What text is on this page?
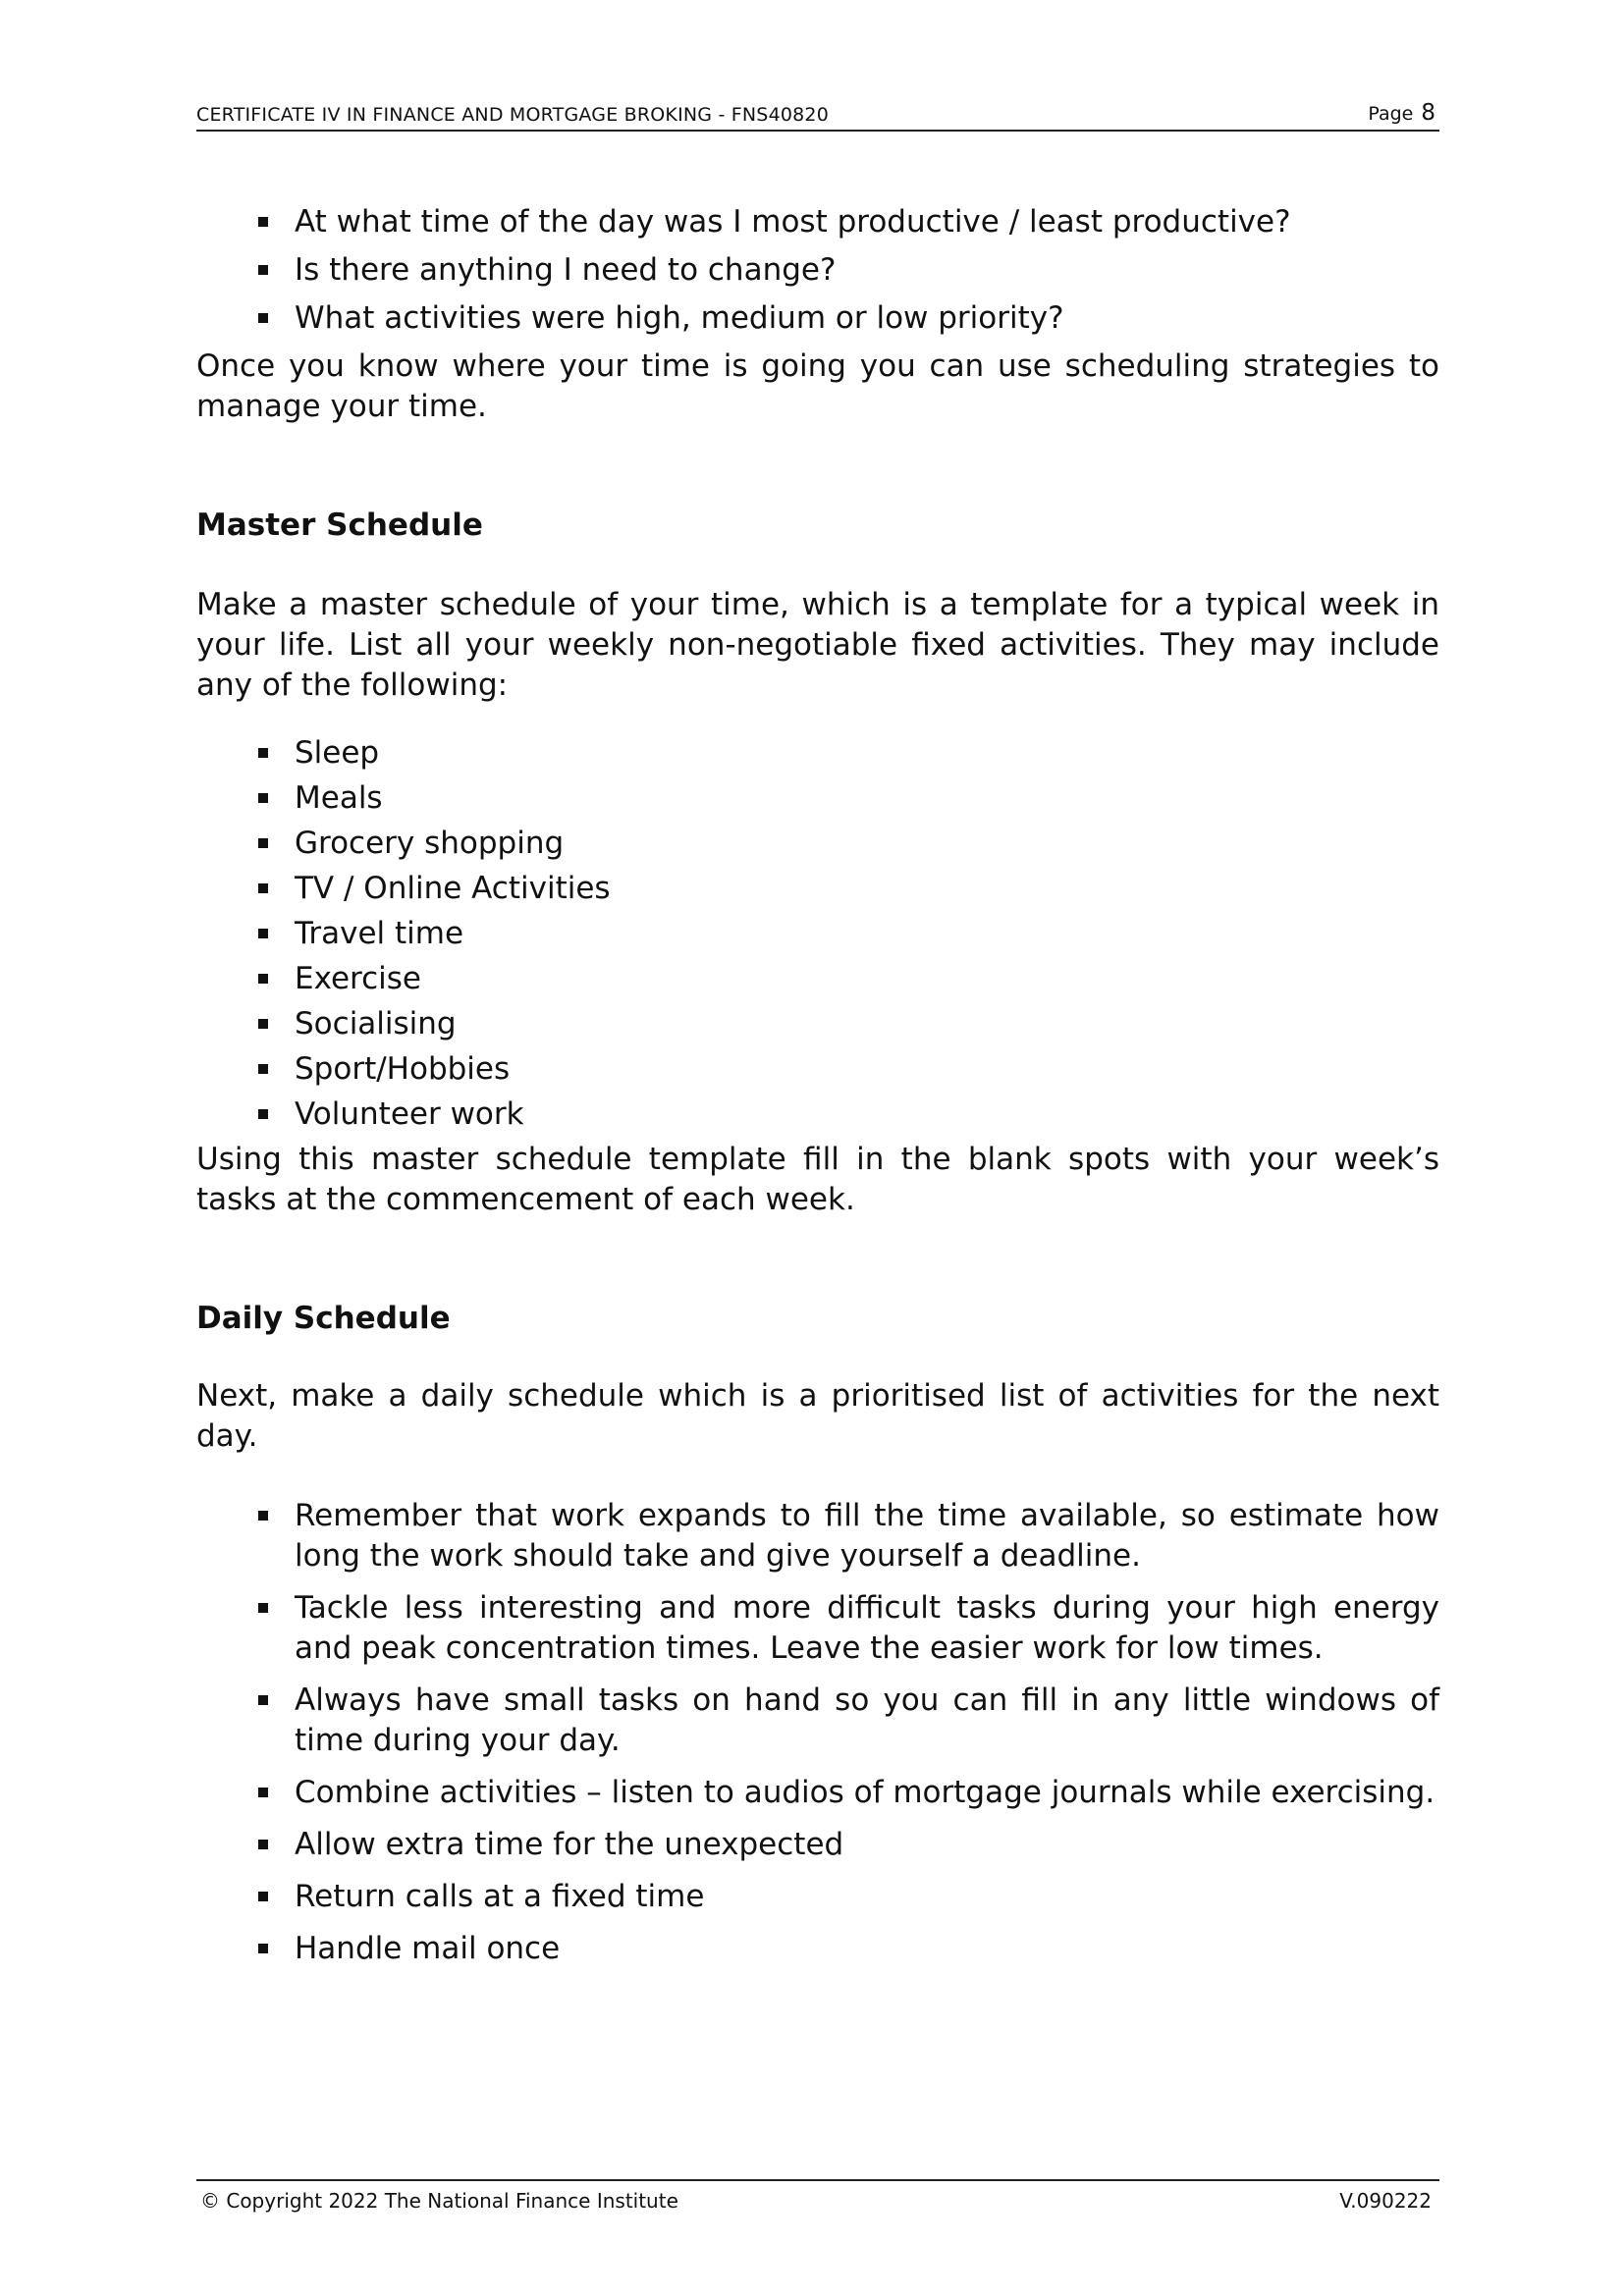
CERTIFICATE IV IN FINANCE AND MORTGAGE BROKING - FNS40820	Page 8
At what time of the day was I most productive / least productive?
Is there anything I need to change?
What activities were high, medium or low priority?

Once you know where your time is going you can use scheduling strategies to manage your time.

Master Schedule

Make a master schedule of your time, which is a template for a typical week in your life. List all your weekly non-negotiable fixed activities. They may include any of the following:

Sleep
Meals
Grocery shopping
TV / Online Activities
Travel time
Exercise
Socialising
Sport/Hobbies
Volunteer work

Using this master schedule template fill in the blank spots with your week’s tasks at the commencement of each week.

Daily Schedule

Next, make a daily schedule which is a prioritised list of activities for the next day.

Remember that work expands to fill the time available, so estimate how long the work should take and give yourself a deadline.
Tackle less interesting and more difficult tasks during your high energy and peak concentration times. Leave the easier work for low times.
Always have small tasks on hand so you can fill in any little windows of time during your day.
Combine activities – listen to audios of mortgage journals while exercising.
Allow extra time for the unexpected
Return calls at a fixed time
Handle mail once
© Copyright 2022 The National Finance Institute	V.090222
